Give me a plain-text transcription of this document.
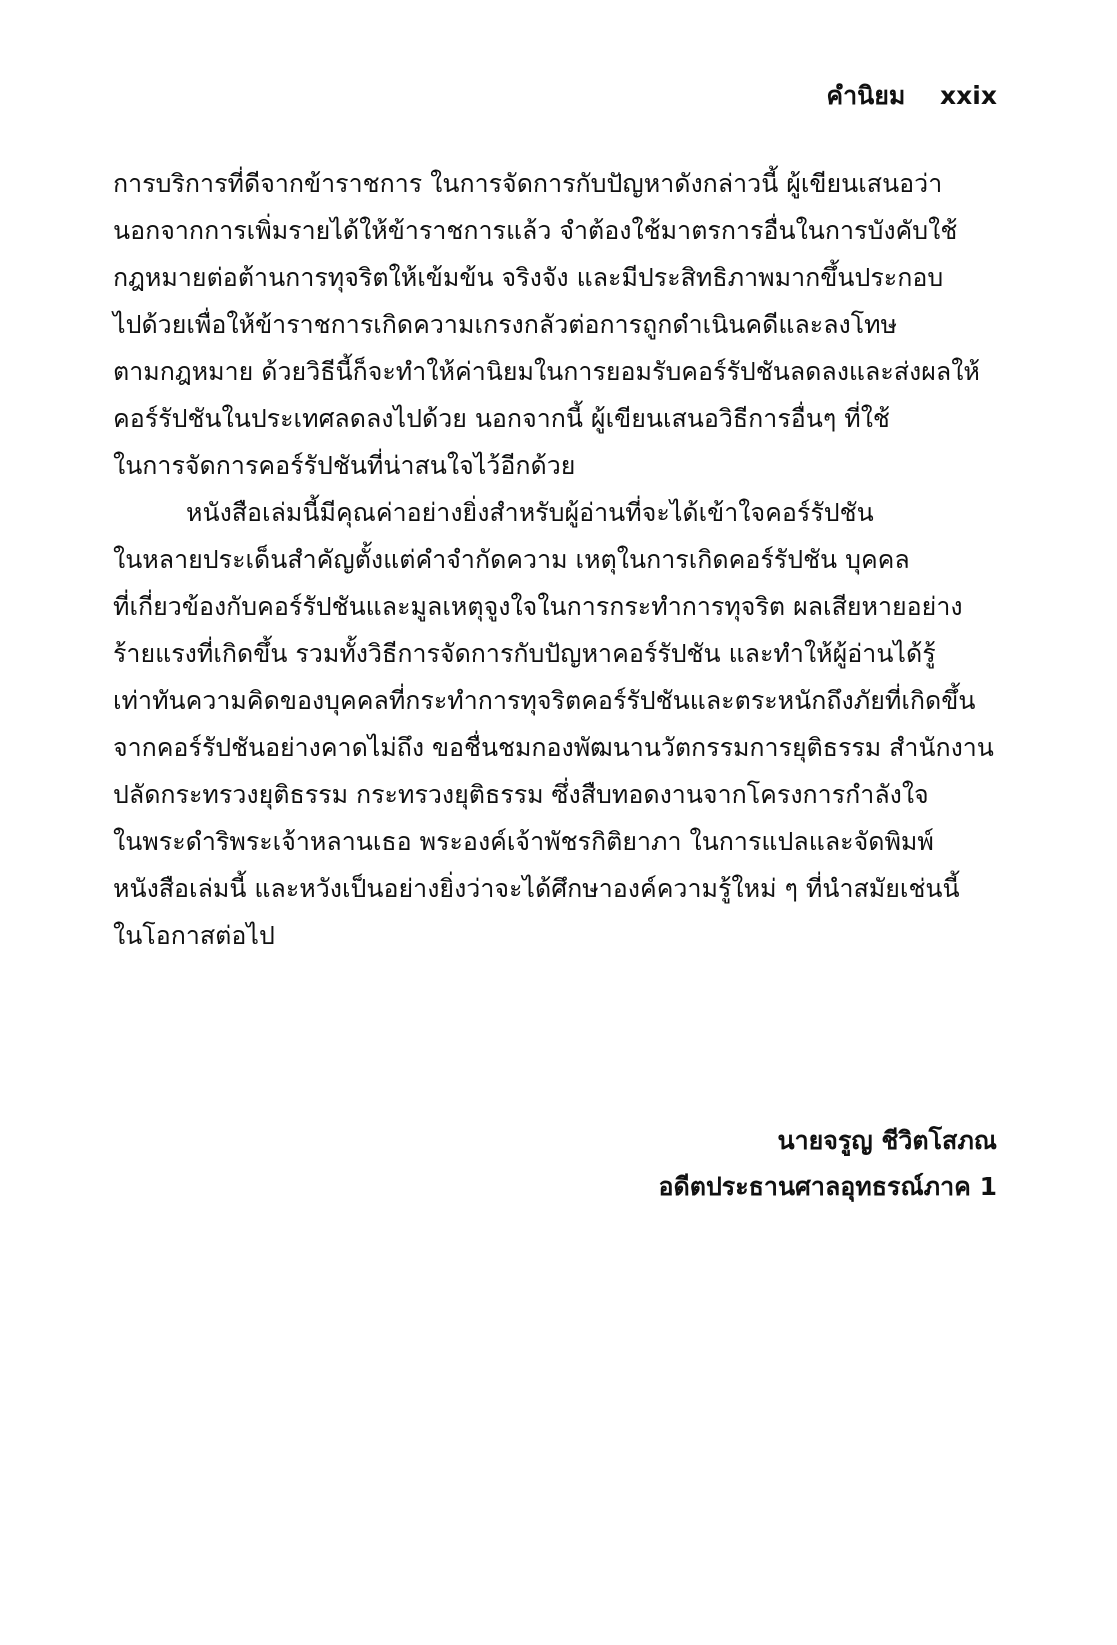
คำนิยม xxix
การบริการที่ดีจากข้าราชการ ในการจัดการกับปัญหาดังกล่าวนี้ ผู้เขียนเสนอว่า
นอกจากการเพิ่มรายได้ให้ข้าราชการแล้ว จำต้องใช้มาตรการอื่นในการบังคับใช้
กฎหมายต่อต้านการทุจริตให้เข้มข้น จริงจัง และมีประสิทธิภาพมากขึ้นประกอบ
ไปด้วยเพื่อให้ข้าราชการเกิดความเกรงกลัวต่อการถูกดำเนินคดีและลงโทษ
ตามกฎหมาย ด้วยวิธีนี้ก็จะทำให้ค่านิยมในการยอมรับคอร์รัปชันลดลงและส่งผลให้
คอร์รัปชันในประเทศลดลงไปด้วย นอกจากนี้ ผู้เขียนเสนอวิธีการอื่นๆ ที่ใช้
ในการจัดการคอร์รัปชันที่น่าสนใจไว้อีกด้วย
หนังสือเล่มนี้มีคุณค่าอย่างยิ่งสำหรับผู้อ่านที่จะได้เข้าใจคอร์รัปชัน
ในหลายประเด็นสำคัญตั้งแต่คำจำกัดความ เหตุในการเกิดคอร์รัปชัน บุคคล
ที่เกี่ยวข้องกับคอร์รัปชันและมูลเหตุจูงใจในการกระทำการทุจริต ผลเสียหายอย่าง
ร้ายแรงที่เกิดขึ้น รวมทั้งวิธีการจัดการกับปัญหาคอร์รัปชัน และทำให้ผู้อ่านได้รู้
เท่าทันความคิดของบุคคลที่กระทำการทุจริตคอร์รัปชันและตระหนักถึงภัยที่เกิดขึ้น
จากคอร์รัปชันอย่างคาดไม่ถึง ขอชื่นชมกองพัฒนานวัตกรรมการยุติธรรม สำนักงาน
ปลัดกระทรวงยุติธรรม กระทรวงยุติธรรม ซึ่งสืบทอดงานจากโครงการกำลังใจ
ในพระดำริพระเจ้าหลานเธอ พระองค์เจ้าพัชรกิติยาภา ในการแปลและจัดพิมพ์
หนังสือเล่มนี้ และหวังเป็นอย่างยิ่งว่าจะได้ศึกษาองค์ความรู้ใหม่ ๆ ที่นำสมัยเช่นนี้
ในโอกาสต่อไป
นายจรูญ ชีวิตโสภณ
อดีตประธานศาลอุทธรณ์ภาค 1
